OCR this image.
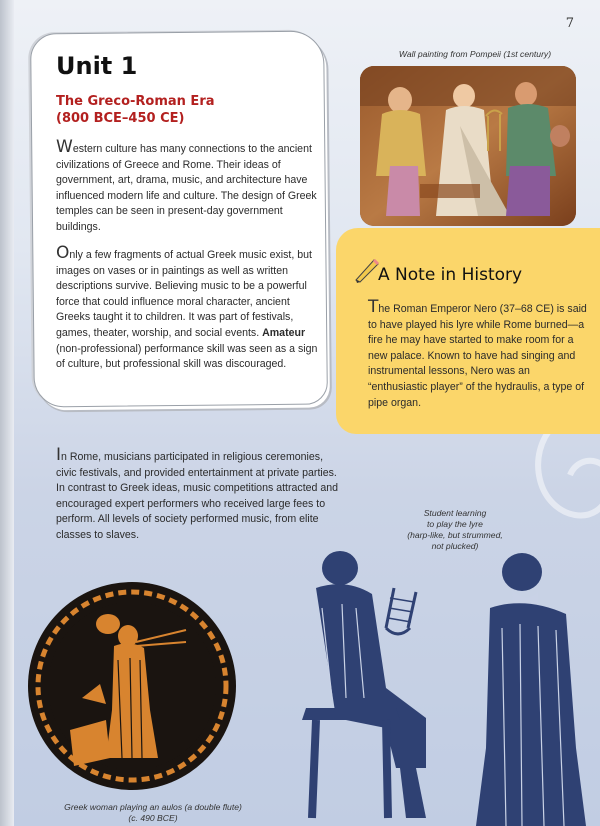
7
Unit 1
The Greco-Roman Era
(800 BCE–450 CE)
Western culture has many connections to the ancient civilizations of Greece and Rome. Their ideas of government, art, drama, music, and architecture have influenced modern life and culture. The design of Greek temples can be seen in present-day government buildings.
Only a few fragments of actual Greek music exist, but images on vases or in paintings as well as written descriptions survive. Believing music to be a powerful force that could influence moral character, ancient Greeks taught it to children. It was part of festivals, games, theater, worship, and social events. Amateur (non-professional) performance skill was seen as a sign of culture, but professional skill was discouraged.
Wall painting from Pompeii (1st century)
A Note in History
The Roman Emperor Nero (37–68 CE) is said to have played his lyre while Rome burned—a fire he may have started to make room for a new palace. Known to have had singing and instrumental lessons, Nero was an “enthusiastic player” of the hydraulis, a type of pipe organ.
In Rome, musicians participated in religious ceremonies, civic festivals, and provided entertainment at private parties. In contrast to Greek ideas, music competitions attracted and encouraged expert performers who received large fees to perform. All levels of society performed music, from elite classes to slaves.
Student learning
to play the lyre
(harp-like, but strummed,
not plucked)
Greek woman playing an aulos (a double flute)
(c. 490 BCE)
